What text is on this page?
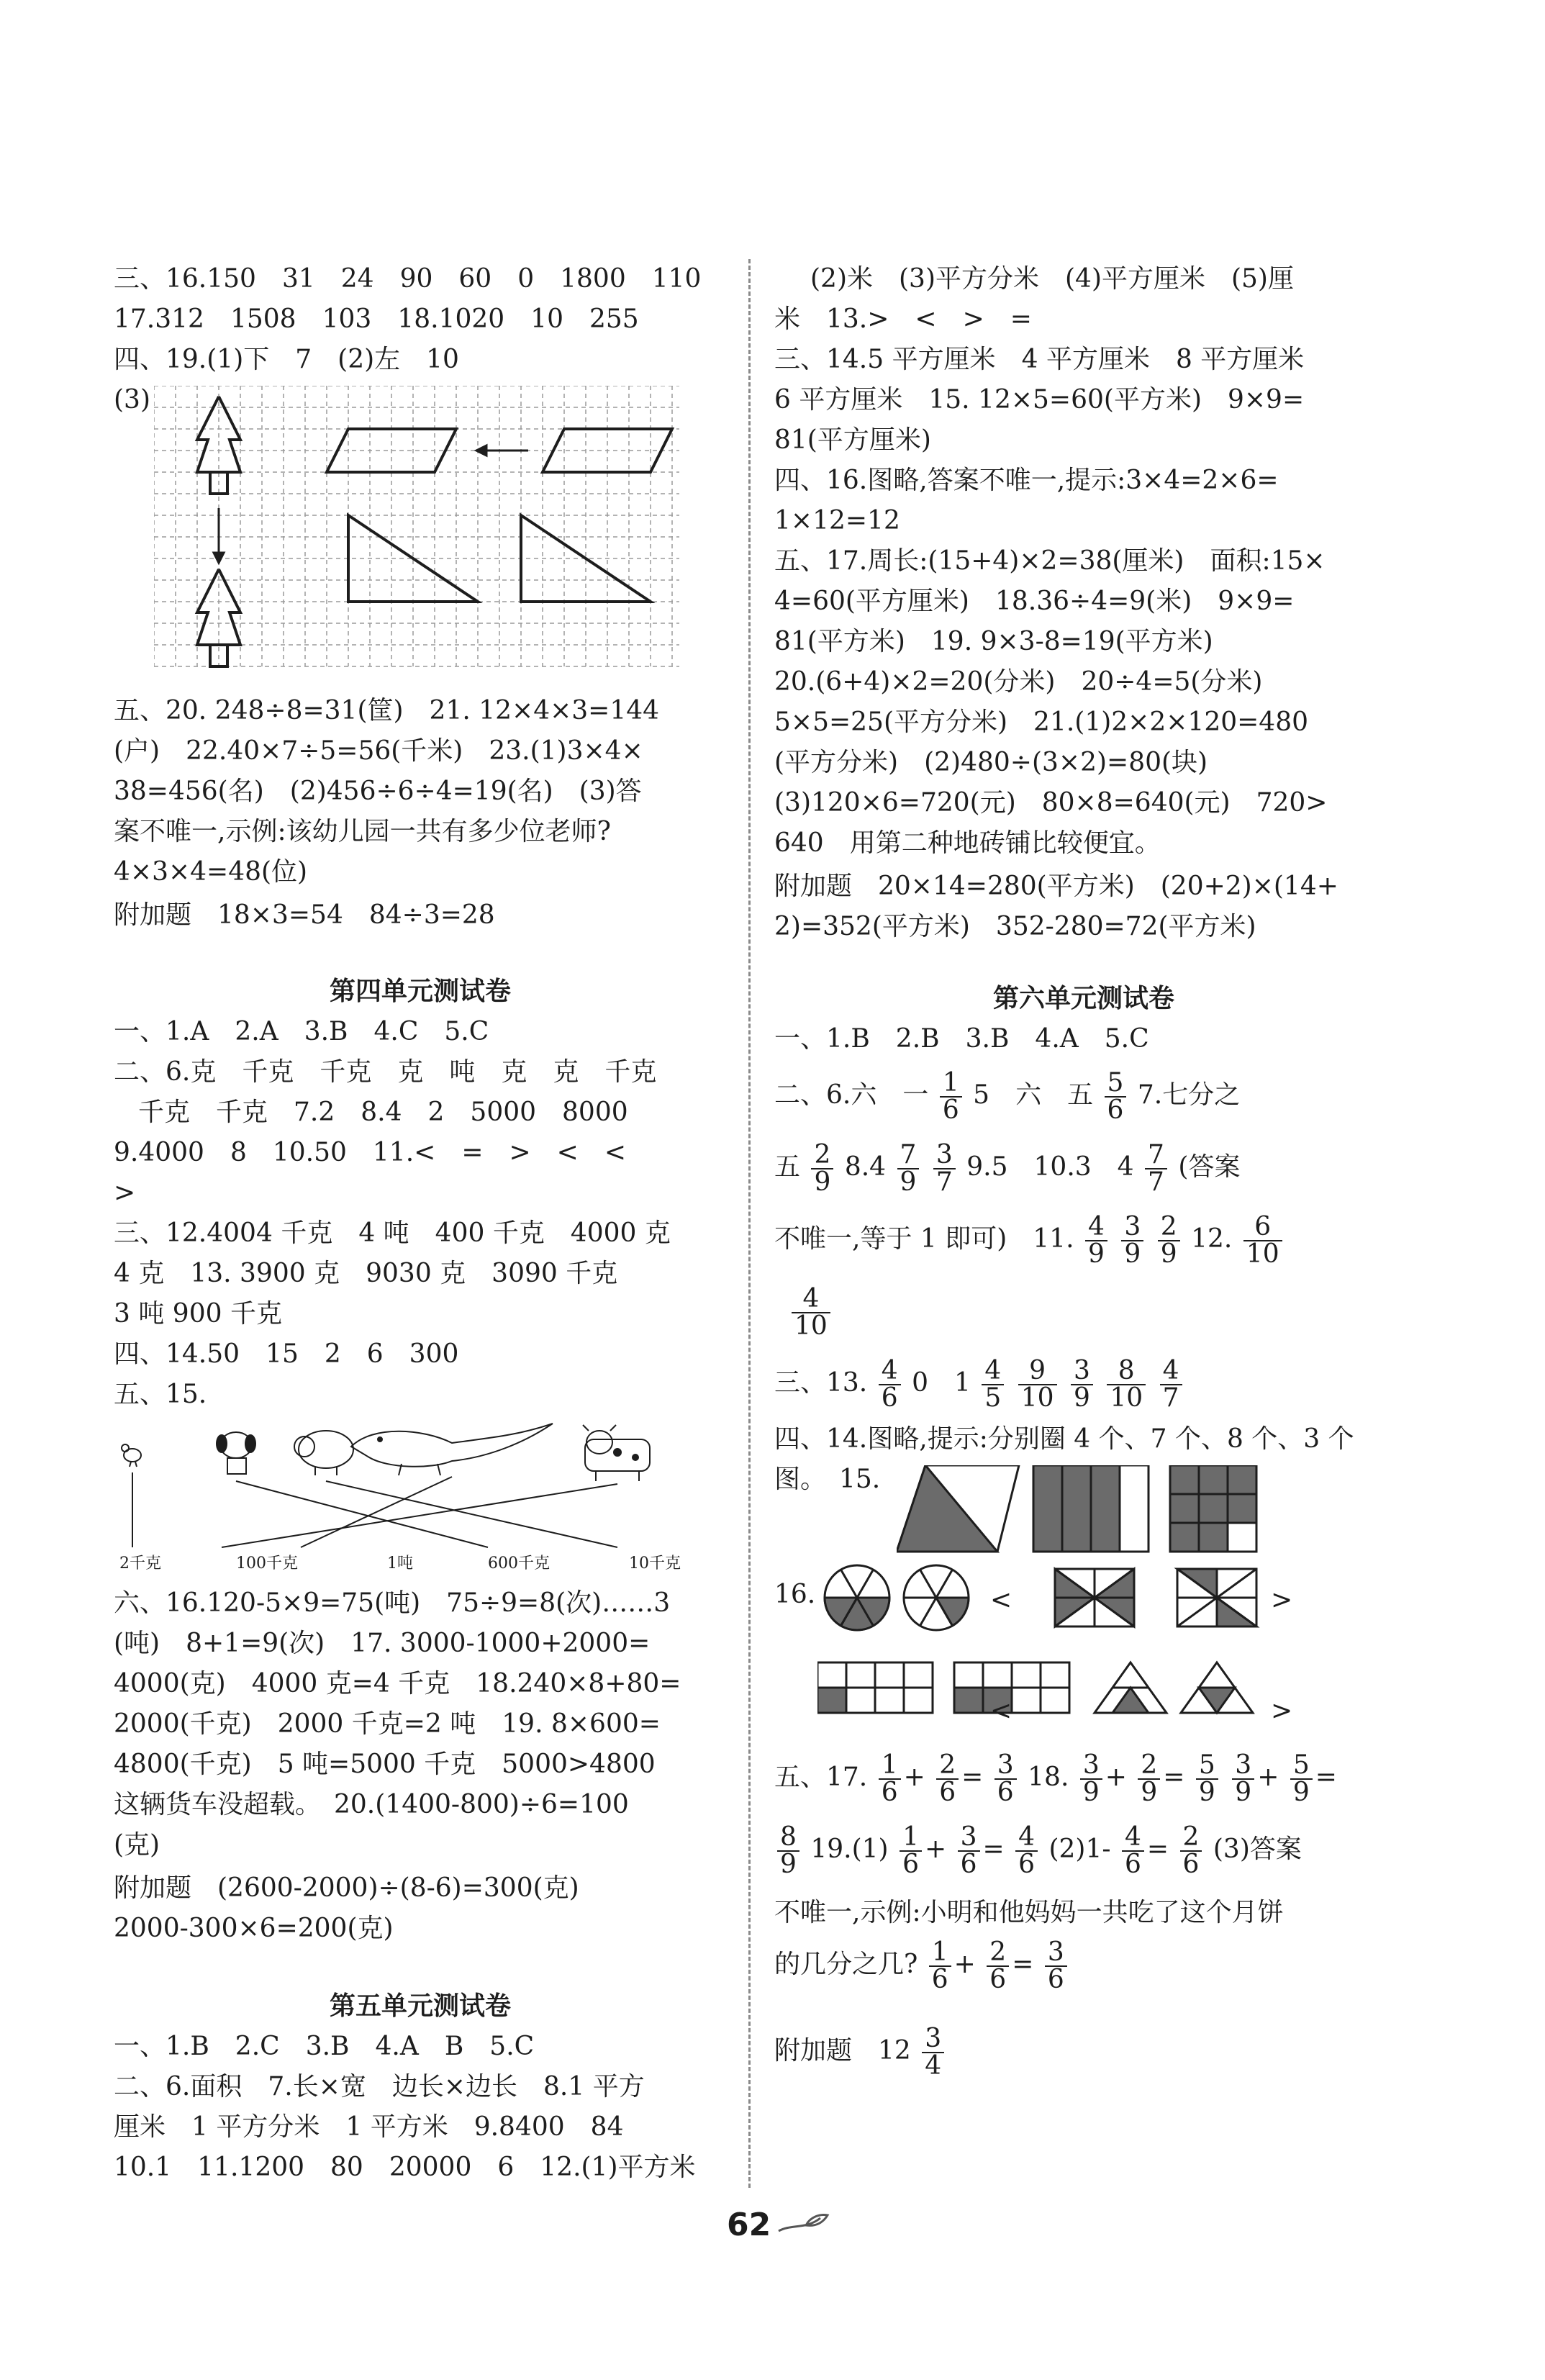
三、16.150　31　24　90　60　0　1800　110
17.312　1508　103　18.1020　10　255
四、19.(1)下　7　(2)左　10
(3)
五、20. 248÷8=31(筐)　21. 12×4×3=144
(户)　22.40×7÷5=56(千米)　23.(1)3×4×
38=456(名)　(2)456÷6÷4=19(名)　(3)答
案不唯一,示例:该幼儿园一共有多少位老师?
4×3×4=48(位)
附加题　18×3=54　84÷3=28
第四单元测试卷
一、1.A　2.A　3.B　4.C　5.C
二、6.克　千克　千克　克　吨　克　克　千克
千克　千克　7.2　8.4　2　5000　8000
9.4000　8　10.50　11.<　=　>　<　<
>
三、12.4004 千克　4 吨　400 千克　4000 克
4 克　13. 3900 克　9030 克　3090 千克
3 吨 900 千克
四、14.50　15　2　6　300
五、15.
2千克	100千克	1吨	600千克	10千克
六、16.120-5×9=75(吨)　75÷9=8(次)……3
(吨)　8+1=9(次)　17. 3000-1000+2000=
4000(克)　4000 克=4 千克　18.240×8+80=
2000(千克)　2000 千克=2 吨　19. 8×600=
4800(千克)　5 吨=5000 千克　5000>4800
这辆货车没超载。　20.(1400-800)÷6=100
(克)
附加题　(2600-2000)÷(8-6)=300(克)
2000-300×6=200(克)
第五单元测试卷
一、1.B　2.C　3.B　4.A　B　5.C
二、6.面积　7.长×宽　边长×边长　8.1 平方
厘米　1 平方分米　1 平方米　9.8400　84
10.1　11.1200　80　20000　6　12.(1)平方米
(2)米　(3)平方分米　(4)平方厘米　(5)厘
米　13.>　<　>　=
三、14.5 平方厘米　4 平方厘米　8 平方厘米
6 平方厘米　15. 12×5=60(平方米)　9×9=
81(平方厘米)
四、16.图略,答案不唯一,提示:3×4=2×6=
1×12=12
五、17.周长:(15+4)×2=38(厘米)　面积:15×
4=60(平方厘米)　18.36÷4=9(米)　9×9=
81(平方米)　19. 9×3-8=19(平方米)
20.(6+4)×2=20(分米)　20÷4=5(分米)
5×5=25(平方分米)　21.(1)2×2×120=480
(平方分米)　(2)480÷(3×2)=80(块)
(3)120×6=720(元)　80×8=640(元)　720>
640　用第二种地砖铺比较便宜。
附加题　20×14=280(平方米)　(20+2)×(14+
2)=352(平方米)　352-280=72(平方米)
第六单元测试卷
一、1.B　2.B　3.B　4.A　5.C
二、6.六　一 $\frac{1}{6} 5$　六　五 $\frac{5}{6} 7$.七分之
五 $\frac{2}{9} 8.4 \frac{7}{9}$
$\frac{3}{7} 9.5$　10.3　$4 \frac{7}{7}$ (答案
不唯一,等于 1 即可)　11. $\frac{4}{9}$
$\frac{3}{9}$
$\frac{2}{9} 12$. $\frac{6}{10}$
$\frac{4}{10}$
三、13. $\frac{4}{6} 0$　$1 \frac{4}{5}$
$\frac{9}{10}$
$\frac{3}{9}$
$\frac{8}{10}$
$\frac{4}{7}$
四、14.图略,提示:分别圈 4 个、7 个、8 个、3 个
图。　15.
16.	<	>
<	>
五、17. $\frac{1}{6} + \frac{2}{6} = \frac{3}{6} 18$. $\frac{3}{9} + \frac{2}{9} = \frac{5}{9}$
$\frac{3}{9} + \frac{5}{9}$ =
$\frac{8}{9} 19.(1) \frac{1}{6} + \frac{3}{6} = \frac{4}{6} (2)1- \frac{4}{6} = \frac{2}{6} (3)$答案
不唯一,示例:小明和他妈妈一共吃了这个月饼
的几分之几? $\frac{1}{6} + \frac{2}{6} = \frac{3}{6}$
附加题　$12 \frac{3}{4}$
62
